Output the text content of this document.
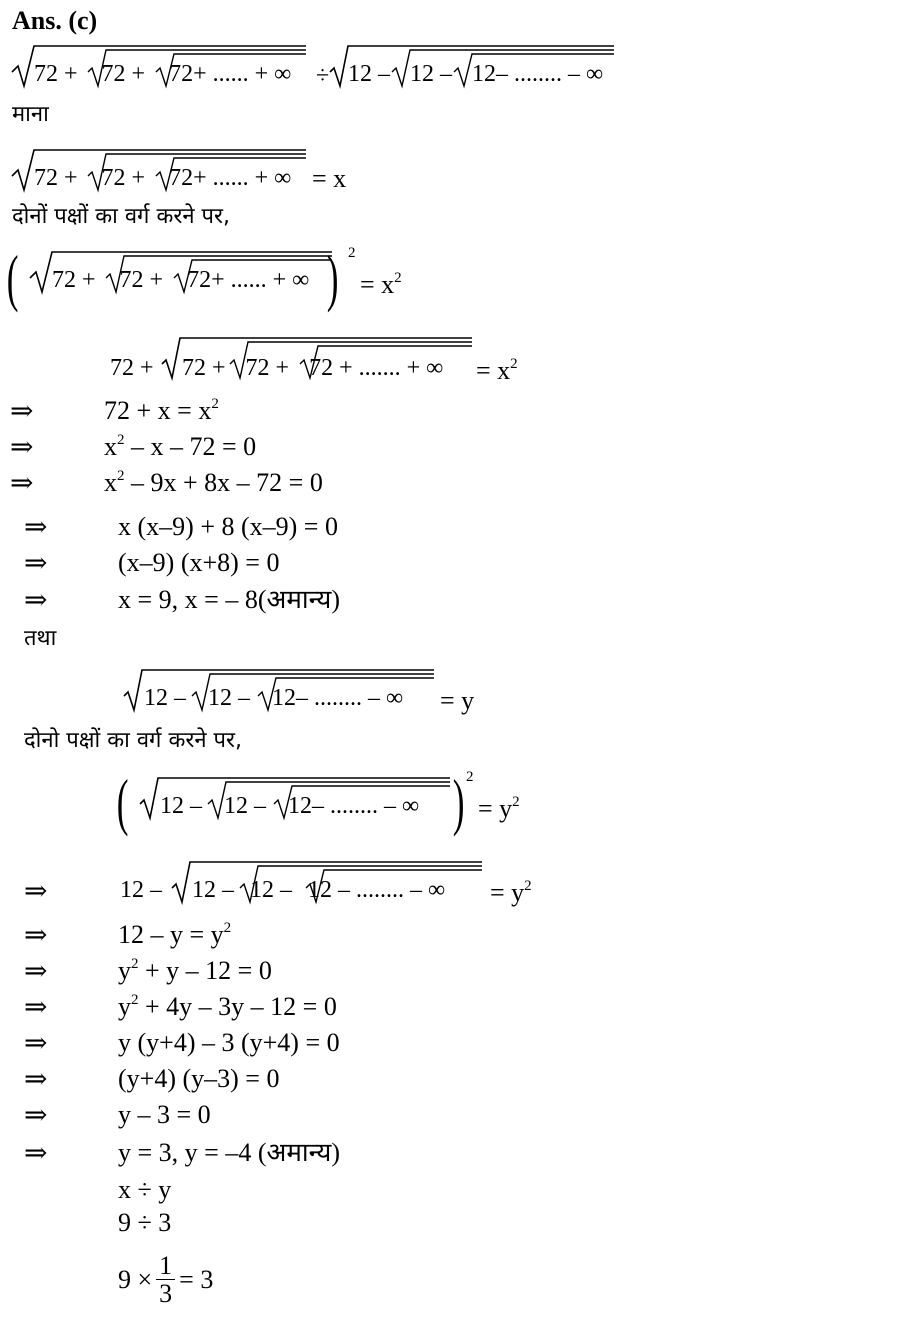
Ans. (c)
72 + 72 + 72+ ...... + ∞ ÷ 12 – 12 – 12– ........ – ∞
माना
72 + 72 + 72+ ...... + ∞ = x
दोनों पक्षों का वर्ग करने पर,
( 72 + 72 + 72+ ...... + ∞ ) 2
= $x^2$
72 + 72 + 72 + 72 + ....... + ∞ = $x^2$
⇒	$72 + x = x^2$
⇒	$x^2 - x - 72 = 0$
⇒	$x^2 - 9x + 8x - 72 = 0$
⇒	x (x–9) + 8 (x–9) = 0
⇒	(x–9) (x+8) = 0
⇒	x = 9, x = – 8(अमान्य)
तथा
12 – 12 – 12– ........ – ∞ = y
दोनो पक्षों का वर्ग करने पर,
( 12 – 12 – 12– ........ – ∞ ) 2
= $y^2$
⇒	12 – 12 – 12 – 12 – ........ – ∞ = $y^2$
⇒	$12 - y = y^2$
⇒	$y^2 + y - 12 = 0$
⇒	$y^2 + 4y - 3y - 12 = 0$
⇒	y (y+4) – 3 (y+4) = 0
⇒	(y+4) (y–3) = 0
⇒	y – 3 = 0
⇒	y = 3, y = –4 (अमान्य)
x ÷ y
9 ÷ 3
$9 \times \frac{1}{3} = 3$
